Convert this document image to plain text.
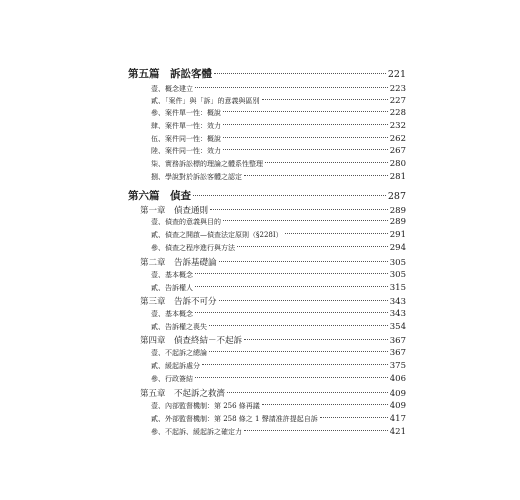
第五篇　訴訟客體	221
壹、概念建立	223
貳、「案件」與「訴」的意義與區別	227
參、案件單一性：概說	228
肆、案件單一性：效力	232
伍、案件同一性：概說	262
陸、案件同一性：效力	267
柒、實務訴訟標的理論之體系性整理	280
捌、學說對於訴訟客體之認定	281
第六篇　偵查	287
第一章　偵查通則	289
壹、偵查的意義與目的	289
貳、偵查之開啟—偵查法定原則（§228Ⅰ）	291
參、偵查之程序進行與方法	294
第二章　告訴基礎論	305
壹、基本概念	305
貳、告訴權人	315
第三章　告訴不可分	343
壹、基本概念	343
貳、告訴權之喪失	354
第四章　偵查終結－不起訴	367
壹、不起訴之總論	367
貳、緩起訴處分	375
參、行政簽結	406
第五章　不起訴之救濟	409
壹、內部監督機制：第 256 條再議	409
貳、外部監督機制：第 258 條之 1 聲請准許提起自訴	417
參、不起訴、緩起訴之確定力	421
